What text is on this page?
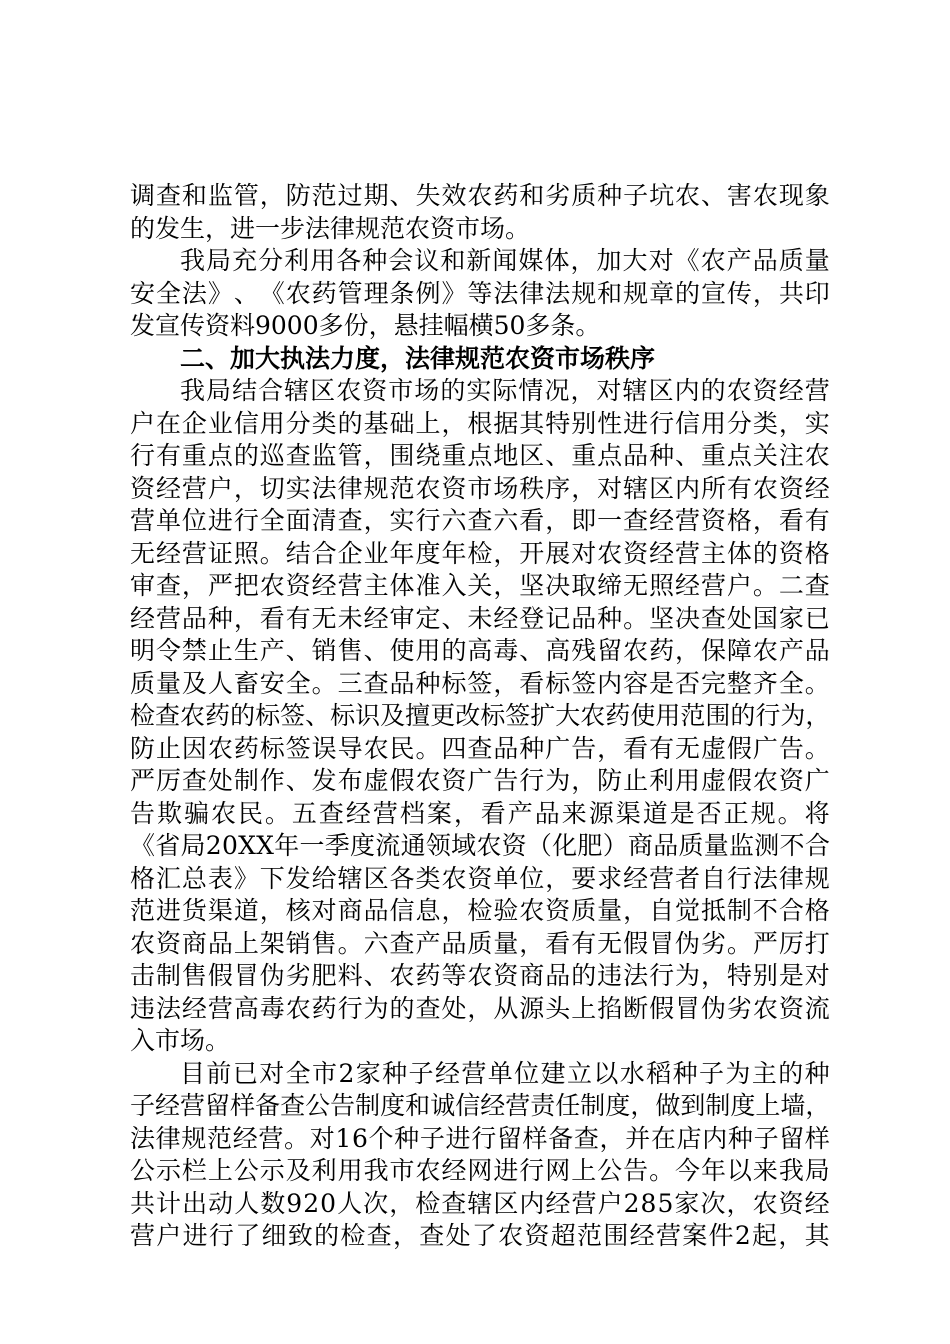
调 查 和 监 管 ， 防 范 过 期 、 失 效 农 药 和 劣 质 种 子 坑 农 、 害 农 现 象
的发生，进一步法律规范农资市场。
我 局 充 分 利 用 各 种 会 议 和 新 闻 媒 体 ， 加 大 对 《 农 产 品 质 量
安 全 法 》 、 《 农 药 管 理 条 例 》 等 法 律 法 规 和 规 章 的 宣 传 ， 共 印
发宣传资料9000多份，悬挂幅横50多条。
二、加大执法力度，法律规范农资市场秩序
我 局 结 合 辖 区 农 资 市 场 的 实 际 情 况 ， 对 辖 区 内 的 农 资 经 营
户 在 企 业 信 用 分 类 的 基 础 上 ， 根 据 其 特 别 性 进 行 信 用 分 类 ， 实
行 有 重 点 的 巡 查 监 管 ， 围 绕 重 点 地 区 、 重 点 品 种 、 重 点 关 注 农
资 经 营 户 ， 切 实 法 律 规 范 农 资 市 场 秩 序 ， 对 辖 区 内 所 有 农 资 经
营 单 位 进 行 全 面 清 查 ， 实 行 六 查 六 看 ， 即 一 查 经 营 资 格 ， 看 有
无 经 营 证 照 。 结 合 企 业 年 度 年 检 ， 开 展 对 农 资 经 营 主 体 的 资 格
审 查 ， 严 把 农 资 经 营 主 体 准 入 关 ， 坚 决 取 缔 无 照 经 营 户 。 二 查
经 营 品 种 ， 看 有 无 未 经 审 定 、 未 经 登 记 品 种 。 坚 决 查 处 国 家 已
明 令 禁 止 生 产 、 销 售 、 使 用 的 高 毒 、 高 残 留 农 药 ， 保 障 农 产 品
质 量 及 人 畜 安 全 。 三 查 品 种 标 签 ， 看 标 签 内 容 是 否 完 整 齐 全 。
检 查 农 药 的 标 签 、 标 识 及 擅 更 改 标 签 扩 大 农 药 使 用 范 围 的 行 为 ，
防 止 因 农 药 标 签 误 导 农 民 。 四 查 品 种 广 告 ， 看 有 无 虚 假 广 告 。
严 厉 查 处 制 作 、 发 布 虚 假 农 资 广 告 行 为 ， 防 止 利 用 虚 假 农 资 广
告 欺 骗 农 民 。 五 查 经 营 档 案 ， 看 产 品 来 源 渠 道 是 否 正 规 。 将
《 省 局 2 0 X X 年 一 季 度 流 通 领 域 农 资 （ 化 肥 ） 商 品 质 量 监 测 不 合
格 汇 总 表 》 下 发 给 辖 区 各 类 农 资 单 位 ， 要 求 经 营 者 自 行 法 律 规
范 进 货 渠 道 ， 核 对 商 品 信 息 ， 检 验 农 资 质 量 ， 自 觉 抵 制 不 合 格
农 资 商 品 上 架 销 售 。 六 查 产 品 质 量 ， 看 有 无 假 冒 伪 劣 。 严 厉 打
击 制 售 假 冒 伪 劣 肥 料 、 农 药 等 农 资 商 品 的 违 法 行 为 ， 特 别 是 对
违 法 经 营 高 毒 农 药 行 为 的 查 处 ， 从 源 头 上 掐 断 假 冒 伪 劣 农 资 流
入市场。
目 前 已 对 全 市 2 家 种 子 经 营 单 位 建 立 以 水 稻 种 子 为 主 的 种
子 经 营 留 样 备 查 公 告 制 度 和 诚 信 经 营 责 任 制 度 ， 做 到 制 度 上 墙 ，
法 律 规 范 经 营 。 对 1 6 个 种 子 进 行 留 样 备 查 ， 并 在 店 内 种 子 留 样
公 示 栏 上 公 示 及 利 用 我 市 农 经 网 进 行 网 上 公 告 。 今 年 以 来 我 局
共 计 出 动 人 数 9 2 0 人 次 ， 检 查 辖 区 内 经 营 户 2 8 5 家 次 ， 农 资 经
营 户 进 行 了 细 致 的 检 查 ， 查 处 了 农 资 超 范 围 经 营 案 件 2 起 ， 其
